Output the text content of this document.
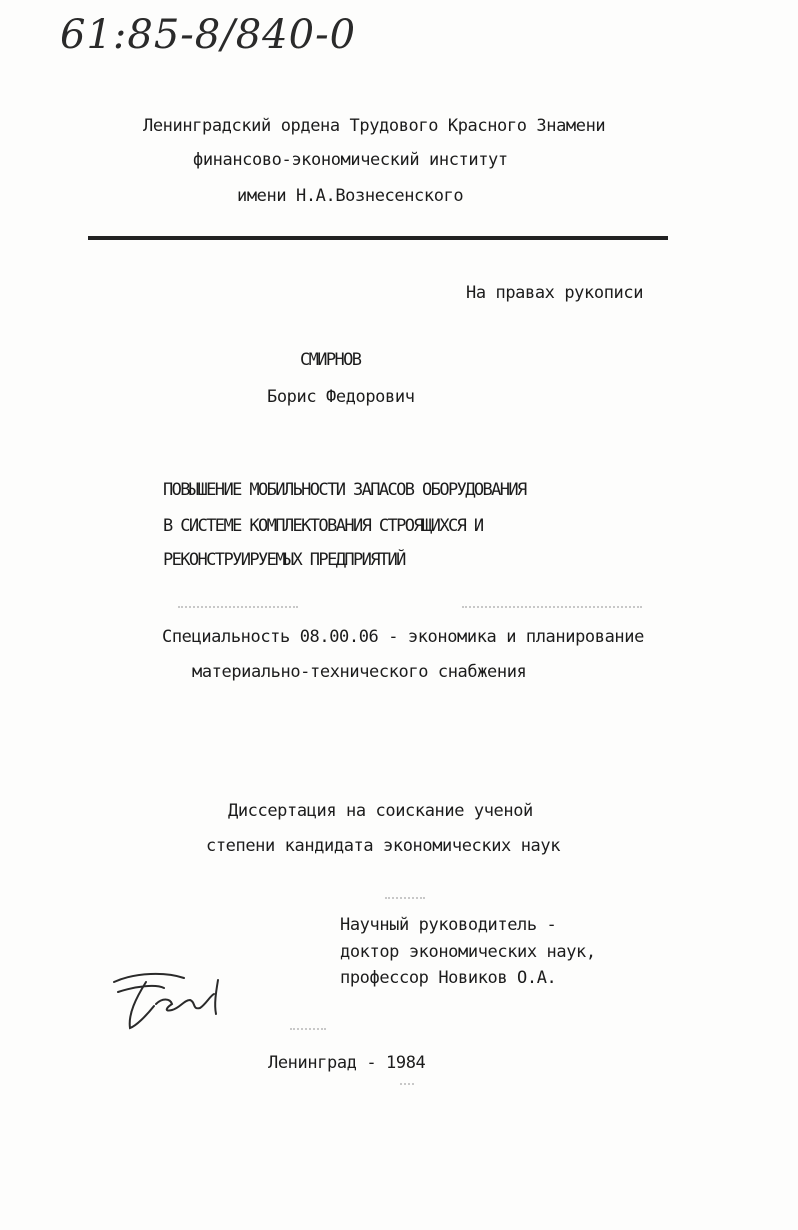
61:85-8/840-0
Ленинградский ордена Трудового Красного Знамени
финансово-экономический институт
имени Н.А.Вознесенского
На правах рукописи
СМИРНОВ
Борис Федорович
ПОВЫШЕНИЕ МОБИЛЬНОСТИ ЗАПАСОВ ОБОРУДОВАНИЯ
В СИСТЕМЕ КОМПЛЕКТОВАНИЯ СТРОЯЩИХСЯ И
РЕКОНСТРУИРУЕМЫХ ПРЕДПРИЯТИЙ
Специальность 08.00.06 - экономика и планирование
материально-технического снабжения
Диссертация на соискание ученой
степени кандидата экономических наук
Научный руководитель -
доктор экономических наук,
профессор Новиков О.А.
Ленинград - 1984
